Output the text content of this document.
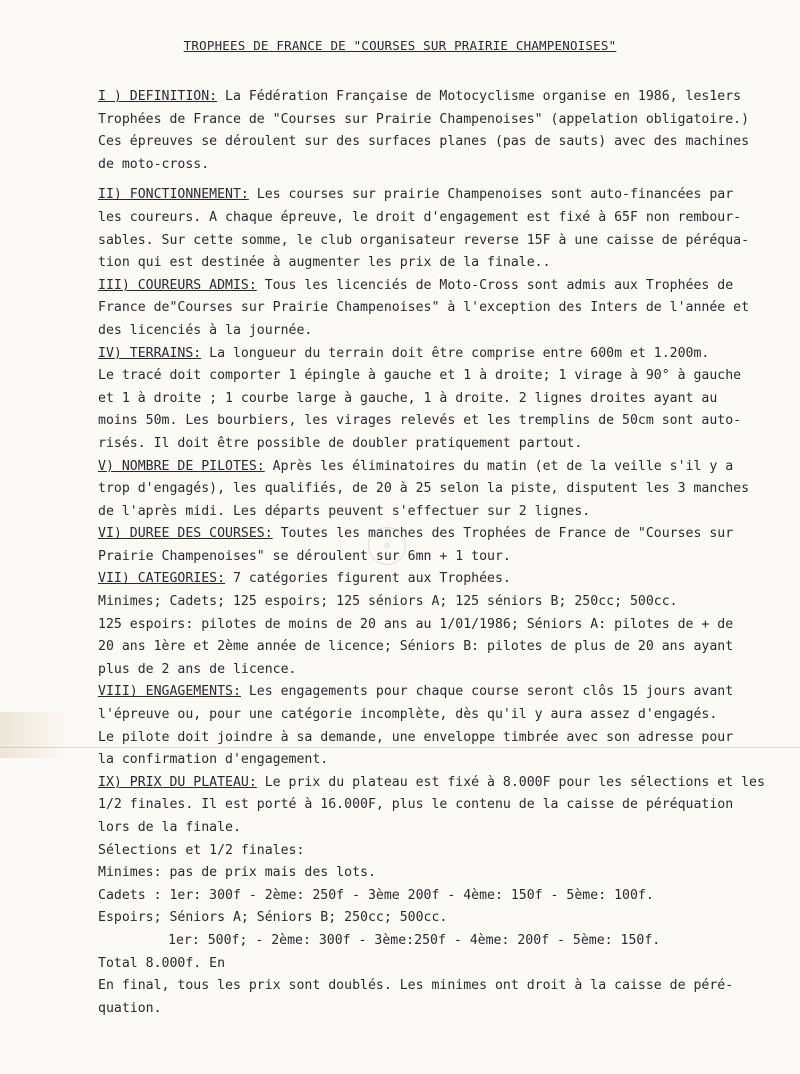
◎
TROPHEES DE FRANCE DE "COURSES SUR PRAIRIE CHAMPENOISES"

I ) DEFINITION: La Fédération Française de Motocyclisme organise en 1986, les1ers
Trophées de France de "Courses sur Prairie Champenoises" (appelation obligatoire.)
Ces épreuves se déroulent sur des surfaces planes (pas de sauts) avec des machines
de moto-cross.

II) FONCTIONNEMENT: Les courses sur prairie Champenoises sont auto-financées par
les coureurs. A chaque épreuve, le droit d'engagement est fixé à 65F non rembour-
sables. Sur cette somme, le club organisateur reverse 15F à une caisse de péréqua-
tion qui est destinée à augmenter les prix de la finale..

III) COUREURS ADMIS: Tous les licenciés de Moto-Cross sont admis aux Trophées de
France de"Courses sur Prairie Champenoises" à l'exception des Inters de l'année et
des licenciés à la journée.

IV) TERRAINS: La longueur du terrain doit être comprise entre 600m et 1.200m.
Le tracé doit comporter 1 épingle à gauche et 1 à droite; 1 virage à 90° à gauche
et 1 à droite ; 1 courbe large à gauche, 1 à droite. 2 lignes droites ayant au
moins 50m. Les bourbiers, les virages relevés et les tremplins de 50cm sont auto-
risés. Il doit être possible de doubler pratiquement partout.

V) NOMBRE DE PILOTES: Après les éliminatoires du matin (et de la veille s'il y a
trop d'engagés), les qualifiés, de 20 à 25 selon la piste, disputent les 3 manches
de l'après midi. Les départs peuvent s'effectuer sur 2 lignes.

VI) DUREE DES COURSES: Toutes les manches des Trophées de France de "Courses sur
Prairie Champenoises" se déroulent sur 6mn + 1 tour.

VII) CATEGORIES: 7 catégories figurent aux Trophées.
Minimes; Cadets; 125 espoirs; 125 séniors A; 125 séniors B; 250cc; 500cc.
125 espoirs: pilotes de moins de 20 ans au 1/01/1986; Séniors A: pilotes de + de
20 ans 1ère et 2ème année de licence; Séniors B: pilotes de plus de 20 ans ayant
plus de 2 ans de licence.

VIII) ENGAGEMENTS: Les engagements pour chaque course seront clôs 15 jours avant
l'épreuve ou, pour une catégorie incomplète, dès qu'il y aura assez d'engagés.
Le pilote doit joindre à sa demande, une enveloppe timbrée avec son adresse pour
la confirmation d'engagement.

IX) PRIX DU PLATEAU: Le prix du plateau est fixé à 8.000F pour les sélections et les
1/2 finales. Il est porté à 16.000F, plus le contenu de la caisse de péréquation
lors de la finale.
Sélections et 1/2 finales:
Minimes: pas de prix mais des lots.
Cadets : 1er: 300f - 2ème: 250f - 3ème 200f - 4ème: 150f - 5ème: 100f.
Espoirs; Séniors A; Séniors B; 250cc; 500cc.
1er: 500f; - 2ème: 300f - 3ème:250f - 4ème: 200f - 5ème: 150f.
Total 8.000f. En
En final, tous les prix sont doublés. Les minimes ont droit à la caisse de péré-
quation.
